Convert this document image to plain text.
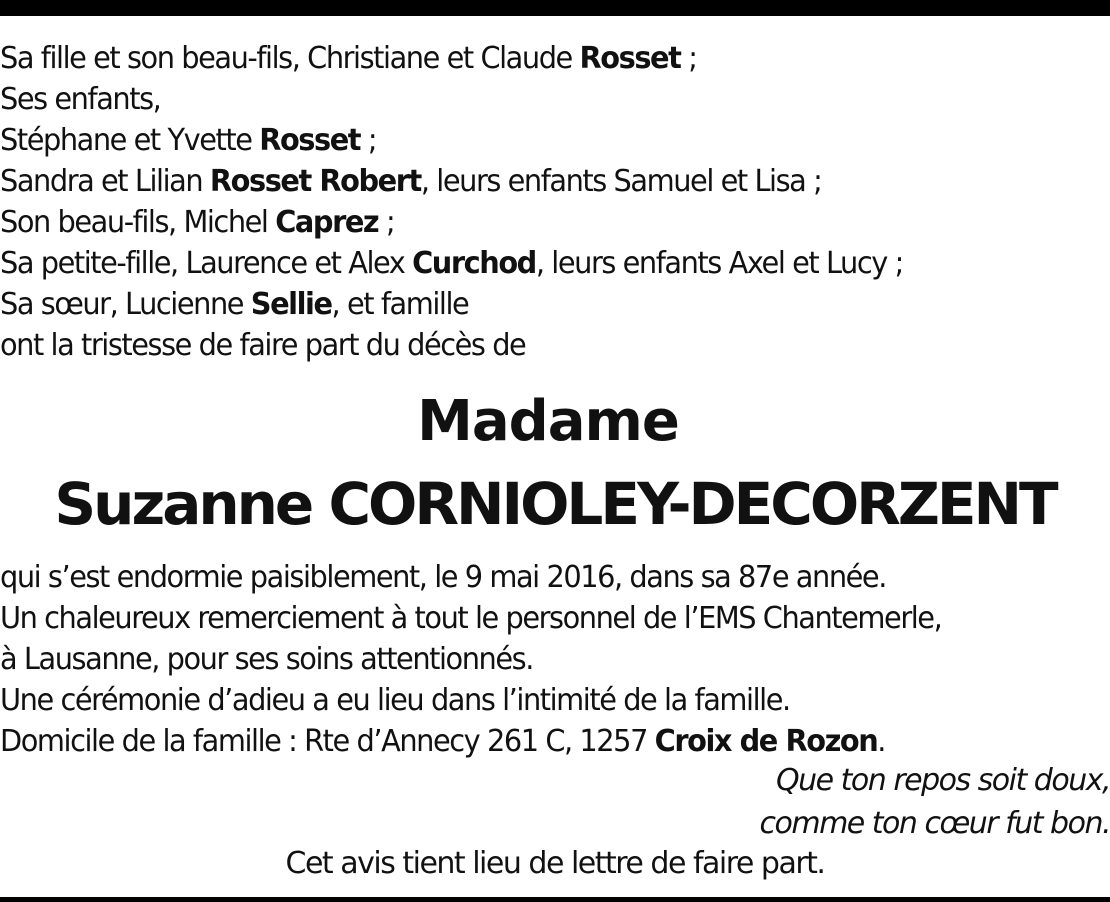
Sa fille et son beau-fils, Christiane et Claude Rosset ;
Ses enfants,
Stéphane et Yvette Rosset ;
Sandra et Lilian Rosset Robert, leurs enfants Samuel et Lisa ;
Son beau-fils, Michel Caprez ;
Sa petite-fille, Laurence et Alex Curchod, leurs enfants Axel et Lucy ;
Sa sœur, Lucienne Sellie, et famille
ont la tristesse de faire part du décès de
Madame
Suzanne CORNIOLEY-DECORZENT
qui s’est endormie paisiblement, le 9 mai 2016, dans sa 87e année.
Un chaleureux remerciement à tout le personnel de l’EMS Chantemerle,
à Lausanne, pour ses soins attentionnés.
Une cérémonie d’adieu a eu lieu dans l’intimité de la famille.
Domicile de la famille : Rte d’Annecy 261 C, 1257 Croix de Rozon.
Que ton repos soit doux,
comme ton cœur fut bon.
Cet avis tient lieu de lettre de faire part.
